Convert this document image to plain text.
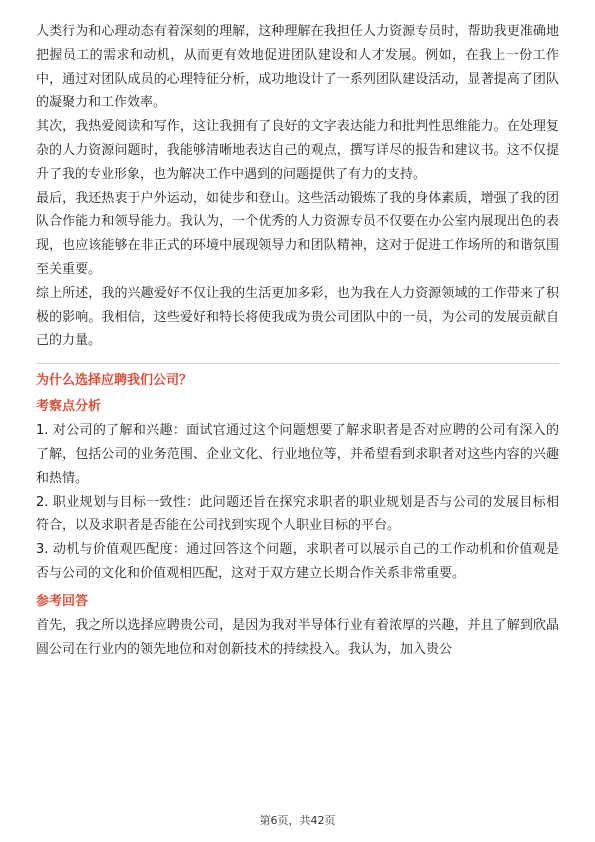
人类行为和心理动态有着深刻的理解，这种理解在我担任人力资源专员时，帮助我更准确地把握员工的需求和动机，从而更有效地促进团队建设和人才发展。例如，在我上一份工作中，通过对团队成员的心理特征分析，成功地设计了一系列团队建设活动，显著提高了团队的凝聚力和工作效率。

其次，我热爱阅读和写作，这让我拥有了良好的文字表达能力和批判性思维能力。在处理复杂的人力资源问题时，我能够清晰地表达自己的观点，撰写详尽的报告和建议书。这不仅提升了我的专业形象，也为解决工作中遇到的问题提供了有力的支持。

最后，我还热衷于户外运动，如徒步和登山。这些活动锻炼了我的身体素质，增强了我的团队合作能力和领导能力。我认为，一个优秀的人力资源专员不仅要在办公室内展现出色的表现，也应该能够在非正式的环境中展现领导力和团队精神，这对于促进工作场所的和谐氛围至关重要。

综上所述，我的兴趣爱好不仅让我的生活更加多彩，也为我在人力资源领域的工作带来了积极的影响。我相信，这些爱好和特长将使我成为贵公司团队中的一员，为公司的发展贡献自己的力量。

为什么选择应聘我们公司？
考察点分析

1. 对公司的了解和兴趣：面试官通过这个问题想要了解求职者是否对应聘的公司有深入的了解，包括公司的业务范围、企业文化、行业地位等，并希望看到求职者对这些内容的兴趣和热情。

2. 职业规划与目标一致性：此问题还旨在探究求职者的职业规划是否与公司的发展目标相符合，以及求职者是否能在公司找到实现个人职业目标的平台。

3. 动机与价值观匹配度：通过回答这个问题，求职者可以展示自己的工作动机和价值观是否与公司的文化和价值观相匹配，这对于双方建立长期合作关系非常重要。

参考回答

首先，我之所以选择应聘贵公司，是因为我对半导体行业有着浓厚的兴趣，并且了解到欣晶圆公司在行业内的领先地位和对创新技术的持续投入。我认为，加入贵公

第6页，共42页
